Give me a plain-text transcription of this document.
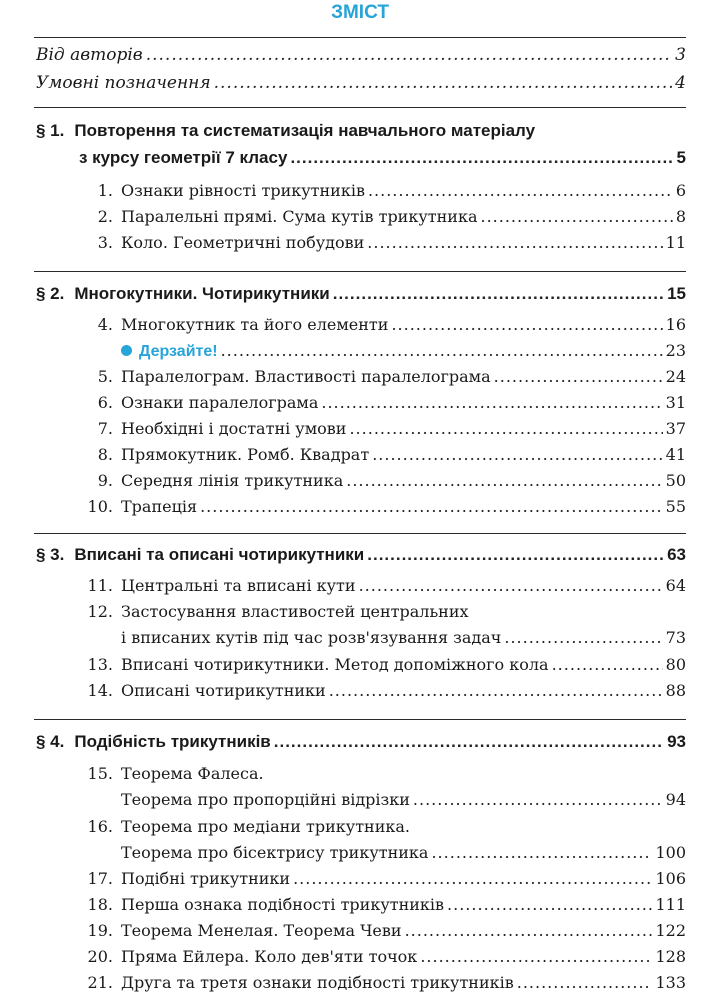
ЗМІСТ
Від авторів .....	3
Умовні позначення .....	4
§ 1. Повторення та систематизація навчального матеріалу
з курсу геометрії 7 класу .....	5
1. Ознаки рівності трикутників .....	6
2. Паралельні прямі. Сума кутів трикутника .....	8
3. Коло. Геометричні побудови .....	11
§ 2. Многокутники. Чотирикутники .....	15
4. Многокутник та його елементи .....	16
Дерзайте! .....	23
5. Паралелограм. Властивості паралелограма .....	24
6. Ознаки паралелограма .....	31
7. Необхідні і достатні умови .....	37
8. Прямокутник. Ромб. Квадрат .....	41
9. Середня лінія трикутника .....	50
10. Трапеція .....	55
§ 3. Вписані та описані чотирикутники .....	63
11. Центральні та вписані кути .....	64
12. Застосування властивостей центральних
і вписаних кутів під час розв'язування задач .....	73
13. Вписані чотирикутники. Метод допоміжного кола .....	80
14. Описані чотирикутники .....	88
§ 4. Подібність трикутників .....	93
15. Теорема Фалеса.
Теорема про пропорційні відрізки .....	94
16. Теорема про медіани трикутника.
Теорема про бісектрису трикутника .....	100
17. Подібні трикутники .....	106
18. Перша ознака подібності трикутників .....	111
19. Теорема Менелая. Теорема Чеви .....	122
20. Пряма Ейлера. Коло дев'яти точок .....	128
21. Друга та третя ознаки подібності трикутників .....	133
